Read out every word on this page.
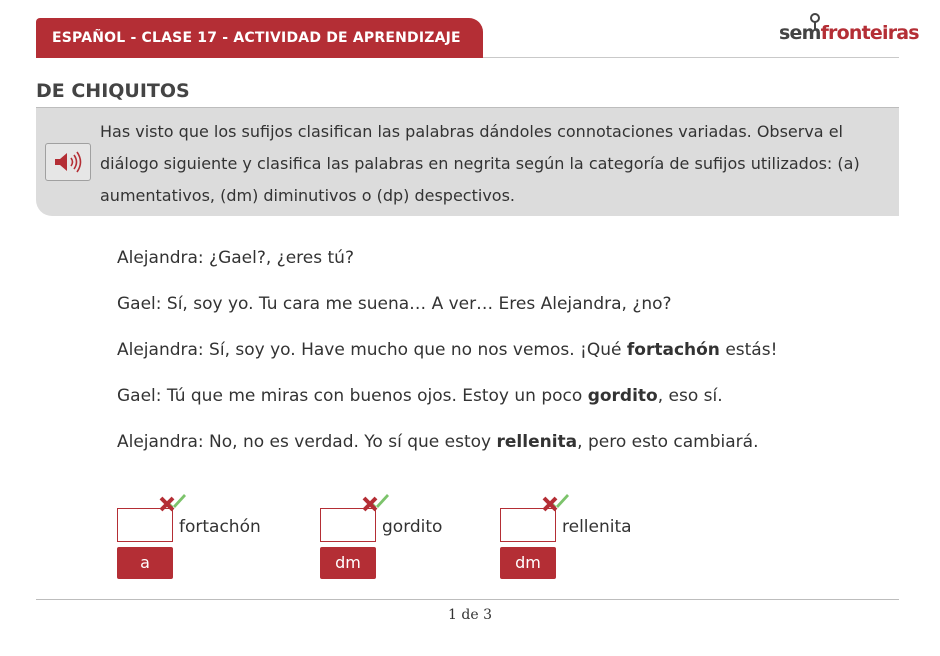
ESPAÑOL - CLASE 17 - ACTIVIDAD DE APRENDIZAJE	semfronteiras
DE CHIQUITOS

Has visto que los sufijos clasifican las palabras dándoles connotaciones variadas. Observa el diálogo siguiente y clasifica las palabras en negrita según la categoría de sufijos utilizados: (a) aumentativos, (dm) diminutivos o (dp) despectivos.

Alejandra: ¿Gael?, ¿eres tú?

Gael: Sí, soy yo. Tu cara me suena… A ver… Eres Alejandra, ¿no?

Alejandra: Sí, soy yo. Have mucho que no nos vemos. ¡Qué fortachón estás!

Gael: Tú que me miras con buenos ojos. Estoy un poco gordito, eso sí.

Alejandra: No, no es verdad. Yo sí que estoy rellenita, pero esto cambiará.

fortachón
a
gordito
dm
rellenita
dm
1 de 3
